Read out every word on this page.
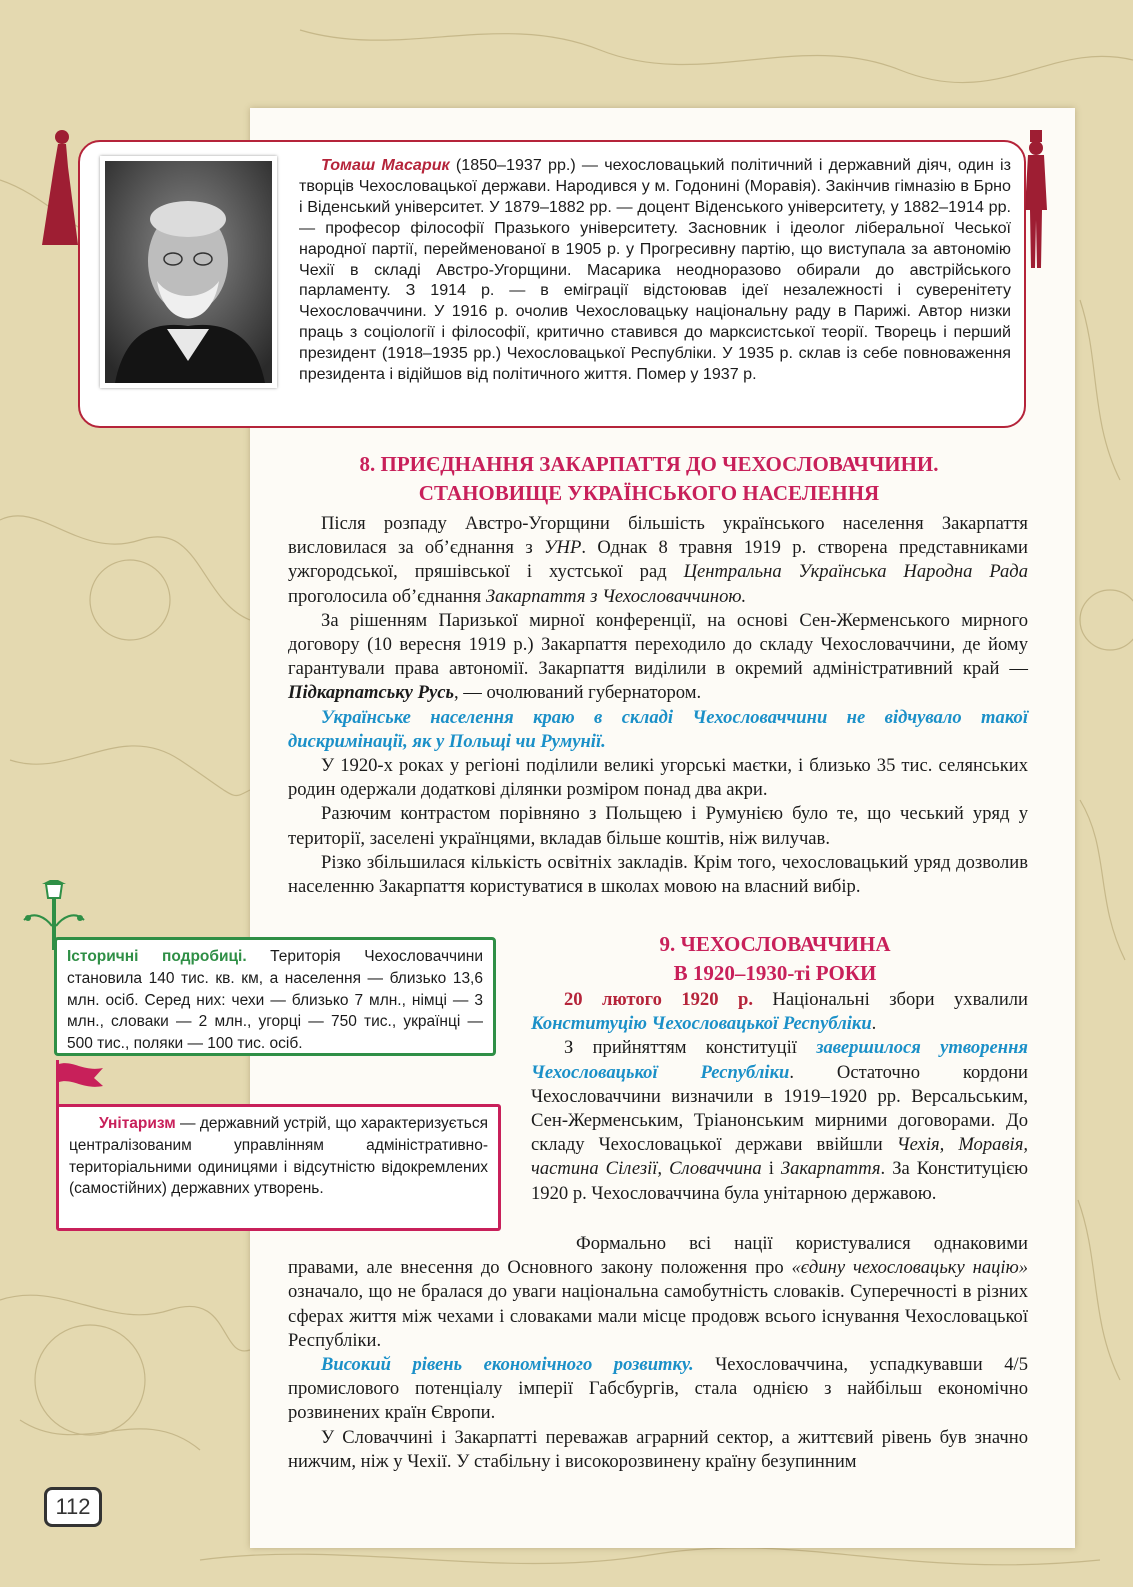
Томаш Масарик (1850–1937 рр.) — чехословацький політичний і державний діяч, один із творців Чехословацької держави. Народився у м. Годонині (Моравія). Закінчив гімназію в Брно і Віденський університет. У 1879–1882 рр. — доцент Віденського університету, у 1882–1914 рр. — професор філософії Празького університету. Засновник і ідеолог ліберальної Чеської народної партії, перейменованої в 1905 р. у Прогресивну партію, що виступала за автономію Чехії в складі Австро-Угорщини. Масарика неодноразово обирали до австрійського парламенту. З 1914 р. — в еміграції відстоював ідеї незалежності і суверенітету Чехословаччини. У 1916 р. очолив Чехословацьку національну раду в Парижі. Автор низки праць з соціології і філософії, критично ставився до марксистської теорії. Творець і перший президент (1918–1935 рр.) Чехословацької Республіки. У 1935 р. склав із себе повноваження президента і відійшов від політичного життя. Помер у 1937 р.

8. ПРИЄДНАННЯ ЗАКАРПАТТЯ ДО ЧЕХОСЛОВАЧЧИНИ.
СТАНОВИЩЕ УКРАЇНСЬКОГО НАСЕЛЕННЯ

Після розпаду Австро-Угорщини більшість українського населення Закарпаття висловилася за об’єднання з УНР. Однак 8 травня 1919 р. створена представниками ужгородської, пряшівської і хустської рад Центральна Українська Народна Рада проголосила об’єднання Закарпаття з Чехословаччиною.

За рішенням Паризької мирної конференції, на основі Сен-Жерменського мирного договору (10 вересня 1919 р.) Закарпаття переходило до складу Чехословаччини, де йому гарантували права автономії. Закарпаття виділили в окремий адміністративний край — Підкарпатську Русь, — очолюваний губернатором.

Українське населення краю в складі Чехословаччини не відчувало такої дискримінації, як у Польщі чи Румунії.

У 1920-х роках у регіоні поділили великі угорські маєтки, і близько 35 тис. селянських родин одержали додаткові ділянки розміром понад два акри.

Разючим контрастом порівняно з Польщею і Румунією було те, що чеський уряд у території, заселені українцями, вкладав більше коштів, ніж вилучав.

Різко збільшилася кількість освітніх закладів. Крім того, чехословацький уряд дозволив населенню Закарпаття користуватися в школах мовою на власний вибір.

Історичні подробиці. Територія Чехословаччини становила 140 тис. кв. км, а населення — близько 13,6 млн. осіб. Серед них: чехи — близько 7 млн., німці — 3 млн., словаки — 2 млн., угорці — 750 тис., українці — 500 тис., поляки — 100 тис. осіб.

Унітаризм — державний устрій, що характеризується централізованим управлінням адміністративно-територіальними одиницями і відсутністю відокремлених (самостійних) державних утворень.

9. ЧЕХОСЛОВАЧЧИНА
В 1920–1930-ті РОКИ

20 лютого 1920 р. Національні збори ухвалили Конституцію Чехословацької Республіки.

З прийняттям конституції завершилося утворення Чехословацької Республіки. Остаточно кордони Чехословаччини визначили в 1919–1920 рр. Версальським, Сен-Жерменським, Тріанонським мирними договорами. До складу Чехословацької держави ввійшли Чехія, Моравія, частина Сілезії, Словаччина і Закарпаття. За Конституцією 1920 р. Чехословаччина була унітарною державою.

Формально всі нації користувалися однаковими правами, але внесення до Основного закону положення про «єдину чехословацьку націю» означало, що не бралася до уваги національна самобутність словаків. Суперечності в різних сферах життя між чехами і словаками мали місце продовж всього існування Чехословацької Республіки.

Високий рівень економічного розвитку. Чехословаччина, успадкувавши 4/5 промислового потенціалу імперії Габсбургів, стала однією з найбільш економічно розвинених країн Європи.

У Словаччині і Закарпатті переважав аграрний сектор, а життєвий рівень був значно нижчим, ніж у Чехії. У стабільну і високорозвинену країну безупинним

112
